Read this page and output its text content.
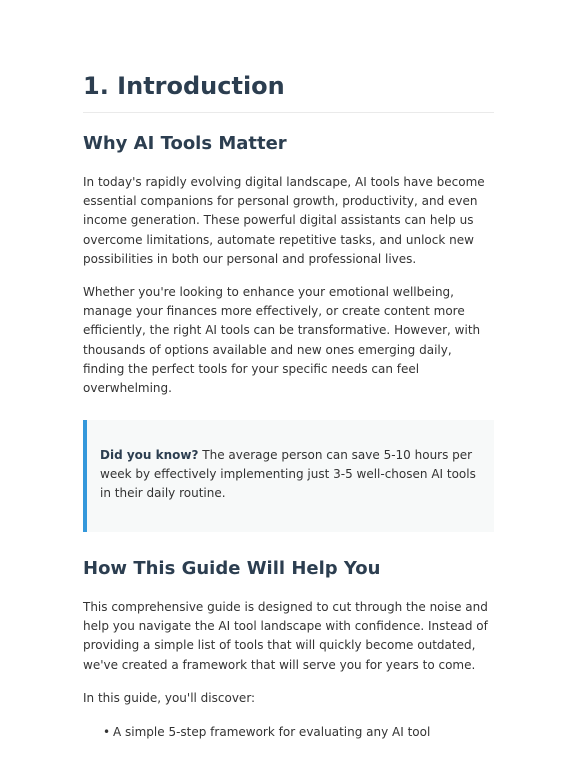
1. Introduction
Why AI Tools Matter

In today's rapidly evolving digital landscape, AI tools have become essential companions for personal growth, productivity, and even income generation. These powerful digital assistants can help us overcome limitations, automate repetitive tasks, and unlock new possibilities in both our personal and professional lives.

Whether you're looking to enhance your emotional wellbeing, manage your finances more effectively, or create content more efficiently, the right AI tools can be transformative. However, with thousands of options available and new ones emerging daily, finding the perfect tools for your specific needs can feel overwhelming.

Did you know? The average person can save 5-10 hours per week by effectively implementing just 3-5 well-chosen AI tools in their daily routine.
How This Guide Will Help You

This comprehensive guide is designed to cut through the noise and help you navigate the AI tool landscape with confidence. Instead of providing a simple list of tools that will quickly become outdated, we've created a framework that will serve you for years to come.

In this guide, you'll discover:

• A simple 5-step framework for evaluating any AI tool
